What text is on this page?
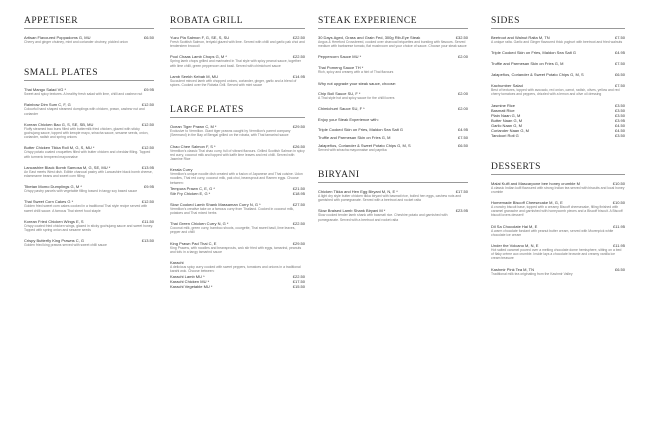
APPETISER
Artisan Flavoured Poppadoms G, MU	£6.50
Cherry and ginger chutney, mint and coriander chutney, pickled onion
SMALL PLATES
Thai Mango Salad VG *	£9.95
Sweet and spicy textures. A healthy fresh salad with lime, chilli and cashew nut
Rainbow Dim Sum C, F, G	£12.50
Colourful hand shaped steamed dumplings with chicken, prawn, cashew nut and coriander
Korean Chicken Bao G, S, SE, SB, MU	£12.50
Fluffy steamed bao buns filled with buttermilk fried chicken, glazed with sticky gochujang sauce, topped with kewpie mayo, sriracha sauce, sesame seeds, onion, coriander, radish and spring onions
Butter Chicken Tikka Roll M, G, S, MU *	£12.50
Crispy potato coated croquettes filled with butter chicken and cheddar filling. Topped with turmeric tempered mayonnaise
Lancashire Black Bomb Samosa M, G, SE, MU *	£13.95
An East meets West dish. Edible charcoal pastry with Lancashire black bomb cheese, edammame beans and sweet corn filling
Tibetan Momo Dumplings G, M *	£9.95
Crispy pastry parcels with vegetable filling tossed in tangy soy based sauce
Thai Sweet Corn Cakes G *	£12.50
Golden fried sweet corn cakes cooked in a traditional Thai style recipe served with sweet chilli sauce. A famous Thai street food staple
Korean Fried Chicken Wings E, S	£11.50
Crispy coated fried chicken wings, glazed in sticky gochujang sauce and sweet honey. Topped with spring onion and sesame seeds
Crispy Butterfly King Prawns C, G	£13.50
Golden fried king prawns served with sweet chilli sauce
ROBATA GRILL
Yuzu Pla Salmon F, G, SE, S, SU	£22.50
Fresh Scottish Salmon, teriyaki glazed with lime. Served with chilli and garlic pak choi and tenderstem broccoli
Pool Chaas Lamb Chops G, M *	£22.50
Spring lamb chops grilled and marinated in Thai style with spicy peanut sauce, together with lime chilli, green peppercorn and basil. Served with chimichurri sauce
Lamb Seekh Kebab M, MU	£14.95
Succulent minced lamb with chopped onions, coriander, ginger, garlic and a blend of spices. Cooked over the Robata Grill. Served with mint sauce
LARGE PLATES
Ocean Tiger Prawn C, M *	£29.50
Exclusive to Vermilion. Giant tiger prawns caught by Vermilion's parent company (Seemarol) in the Bay of Bengal grilled on the robata, with Thai tamarind sauce
Chao Chee Salmon F, S *	£26.50
Vermilion's classic Thai chao curry, full of vibrant flavours. Grilled Scottish Salmon in spicy red curry, coconut milk and topped with kaffir lime leaves and red chilli. Served with Jasmine Rice
Kerala Curry
Vermilion's unique noodle dish created with a fusion of Japanese and Thai cuisine. Udon noodles, Thai red curry, coconut milk, pak choi, beansprout and Ramen eggs. Choose between:
Tempura Prawn C, E, G *	£21.50
Stir Fry Chicken E, G *	£18.95
Slow Cooked Lamb Shank Massaman Curry N, G *	£27.50
Vermilion's creative take on a famous curry from Thailand. Cooked in coconut milk, potatoes and Thai mixed herbs
Thai Green Chicken Curry N, G *	£22.50
Coconut milk, green curry, bamboo shoots, courgette, Thai sweet basil, lime leaves, pepper and chilli
King Prawn Pad Thai C, E	£29.50
King Prawns, with noodles and beansprouts, wok stir fried with eggs, tamarind, peanuts and tofu in a tangy tamarind sauce
Karachi
A delicious spicy curry cooked with sweet peppers, tomatoes and onions in a traditional karahi wok. Choose between:
Karachi Lamb MU *	£22.50
Karachi Chicken MU *	£17.50
Karachi Vegetable MU *	£15.50
STEAK EXPERIENCE
30 Days Aged, Grass and Grain Fed, 300g Rib-Eye Steak	£32.50
Angus & Hereford Crossbreed, cooked over charcoal briquettes and bursting with flavours. Served medium with barbarese tomato, flat mushroom and your choice of sauce. Choose your steak sauce
Peppercorn Sauce MU *	£2.00
Thai Pomeng Sauce TH *
Rich, spicy and creamy with a hint of Thai flavours
Why not upgrade your steak sauce, choose:
Chip Boil Sauce SU, F *	£2.00
A Thai style hot and spicy sauce for the chilli lovers
Chimichurri Sauce SU, F *	£2.00
Enjoy your Steak Experience with:
Triple Cooked Skin on Fries, Maldon Sea Salt G	£4.95
Truffle and Parmesan Skin on Fries G, M	£7.50
Jalapeños, Coriander & Sweet Potato Chips G, M, S	£6.50
Served with sriracha mayonnaise and paprika
BIRYANI
Chicken Tikka and Hen Egg Biryani M, N, E *	£17.50
A light dry style butter chicken tikka biryani with basmati rice, boiled hen eggs, cashew nuts and garnished with pomegranate. Served with a beetroot and rocket raita
Slow Braised Lamb Shank Biryani M *	£23.95
Slow cooked tender lamb shank with basmati rice. Cheshire potato and garnished with pomegranate. Served with a beetroot and rocket raita
SIDES
Beetroot and Walnut Raita M, TN	£7.50
A unique raita. Garlic and Ginger flavoured thick yoghurt with beetroot and fried walnuts
Triple Cooked Skin on Fries, Maldon Sea Salt G	£4.95
Truffle and Parmesan Skin on Fries G, M	£7.50
Jalapeños, Coriander & Sweet Potato Chips G, M, S	£6.50
Kachumber Salad	£7.50
Best of textures, topped with avocado, red onion, carrot, radish, olives, yellow and red cherry tomatoes and peppers, drizzled with a lemon and olive oil dressing
Jasmine Rice	£3.50
Basmati Rice	£3.50
Plain Naan G, M	£3.50
Butter Naan G, M	£3.95
Garlic Naan G, M	£4.50
Coriander Naan G, M	£4.50
Tandoori Roti G	£3.50
DESSERTS
Malai Kulfi and Mascarpone bee honey crumble M	£10.50
A classic Indian kulfi flavoured with strong Indian tea served with biscuits and local honey crumble
Homemade Biscoff Cheesecake M, G, E	£10.50
A crunchy biscuit base, topped with a creamy Biscoff cheesecake, filling finished with caramel granache and garnished with honeycomb pieces and a Biscoff biscuit. A Biscoff biscuit lovers dessert!
Dil Sa Chocolate Hai M, E	£11.95
A warm chocolate fondant with peanut butter cream, served with Movenpick white chocolate ice cream
Under the Volcano M, N, E	£11.95
Hot salted caramel poured over a melting chocolate dome hemisphere, sitting on a bed of flaky crème aux crumble. Inside lays a chocolate brownie and creamy vanilla ice cream treasure
Kashmir Pink Tea M, TN	£6.50
Traditional milk tea originating from the Kashmir Valley
